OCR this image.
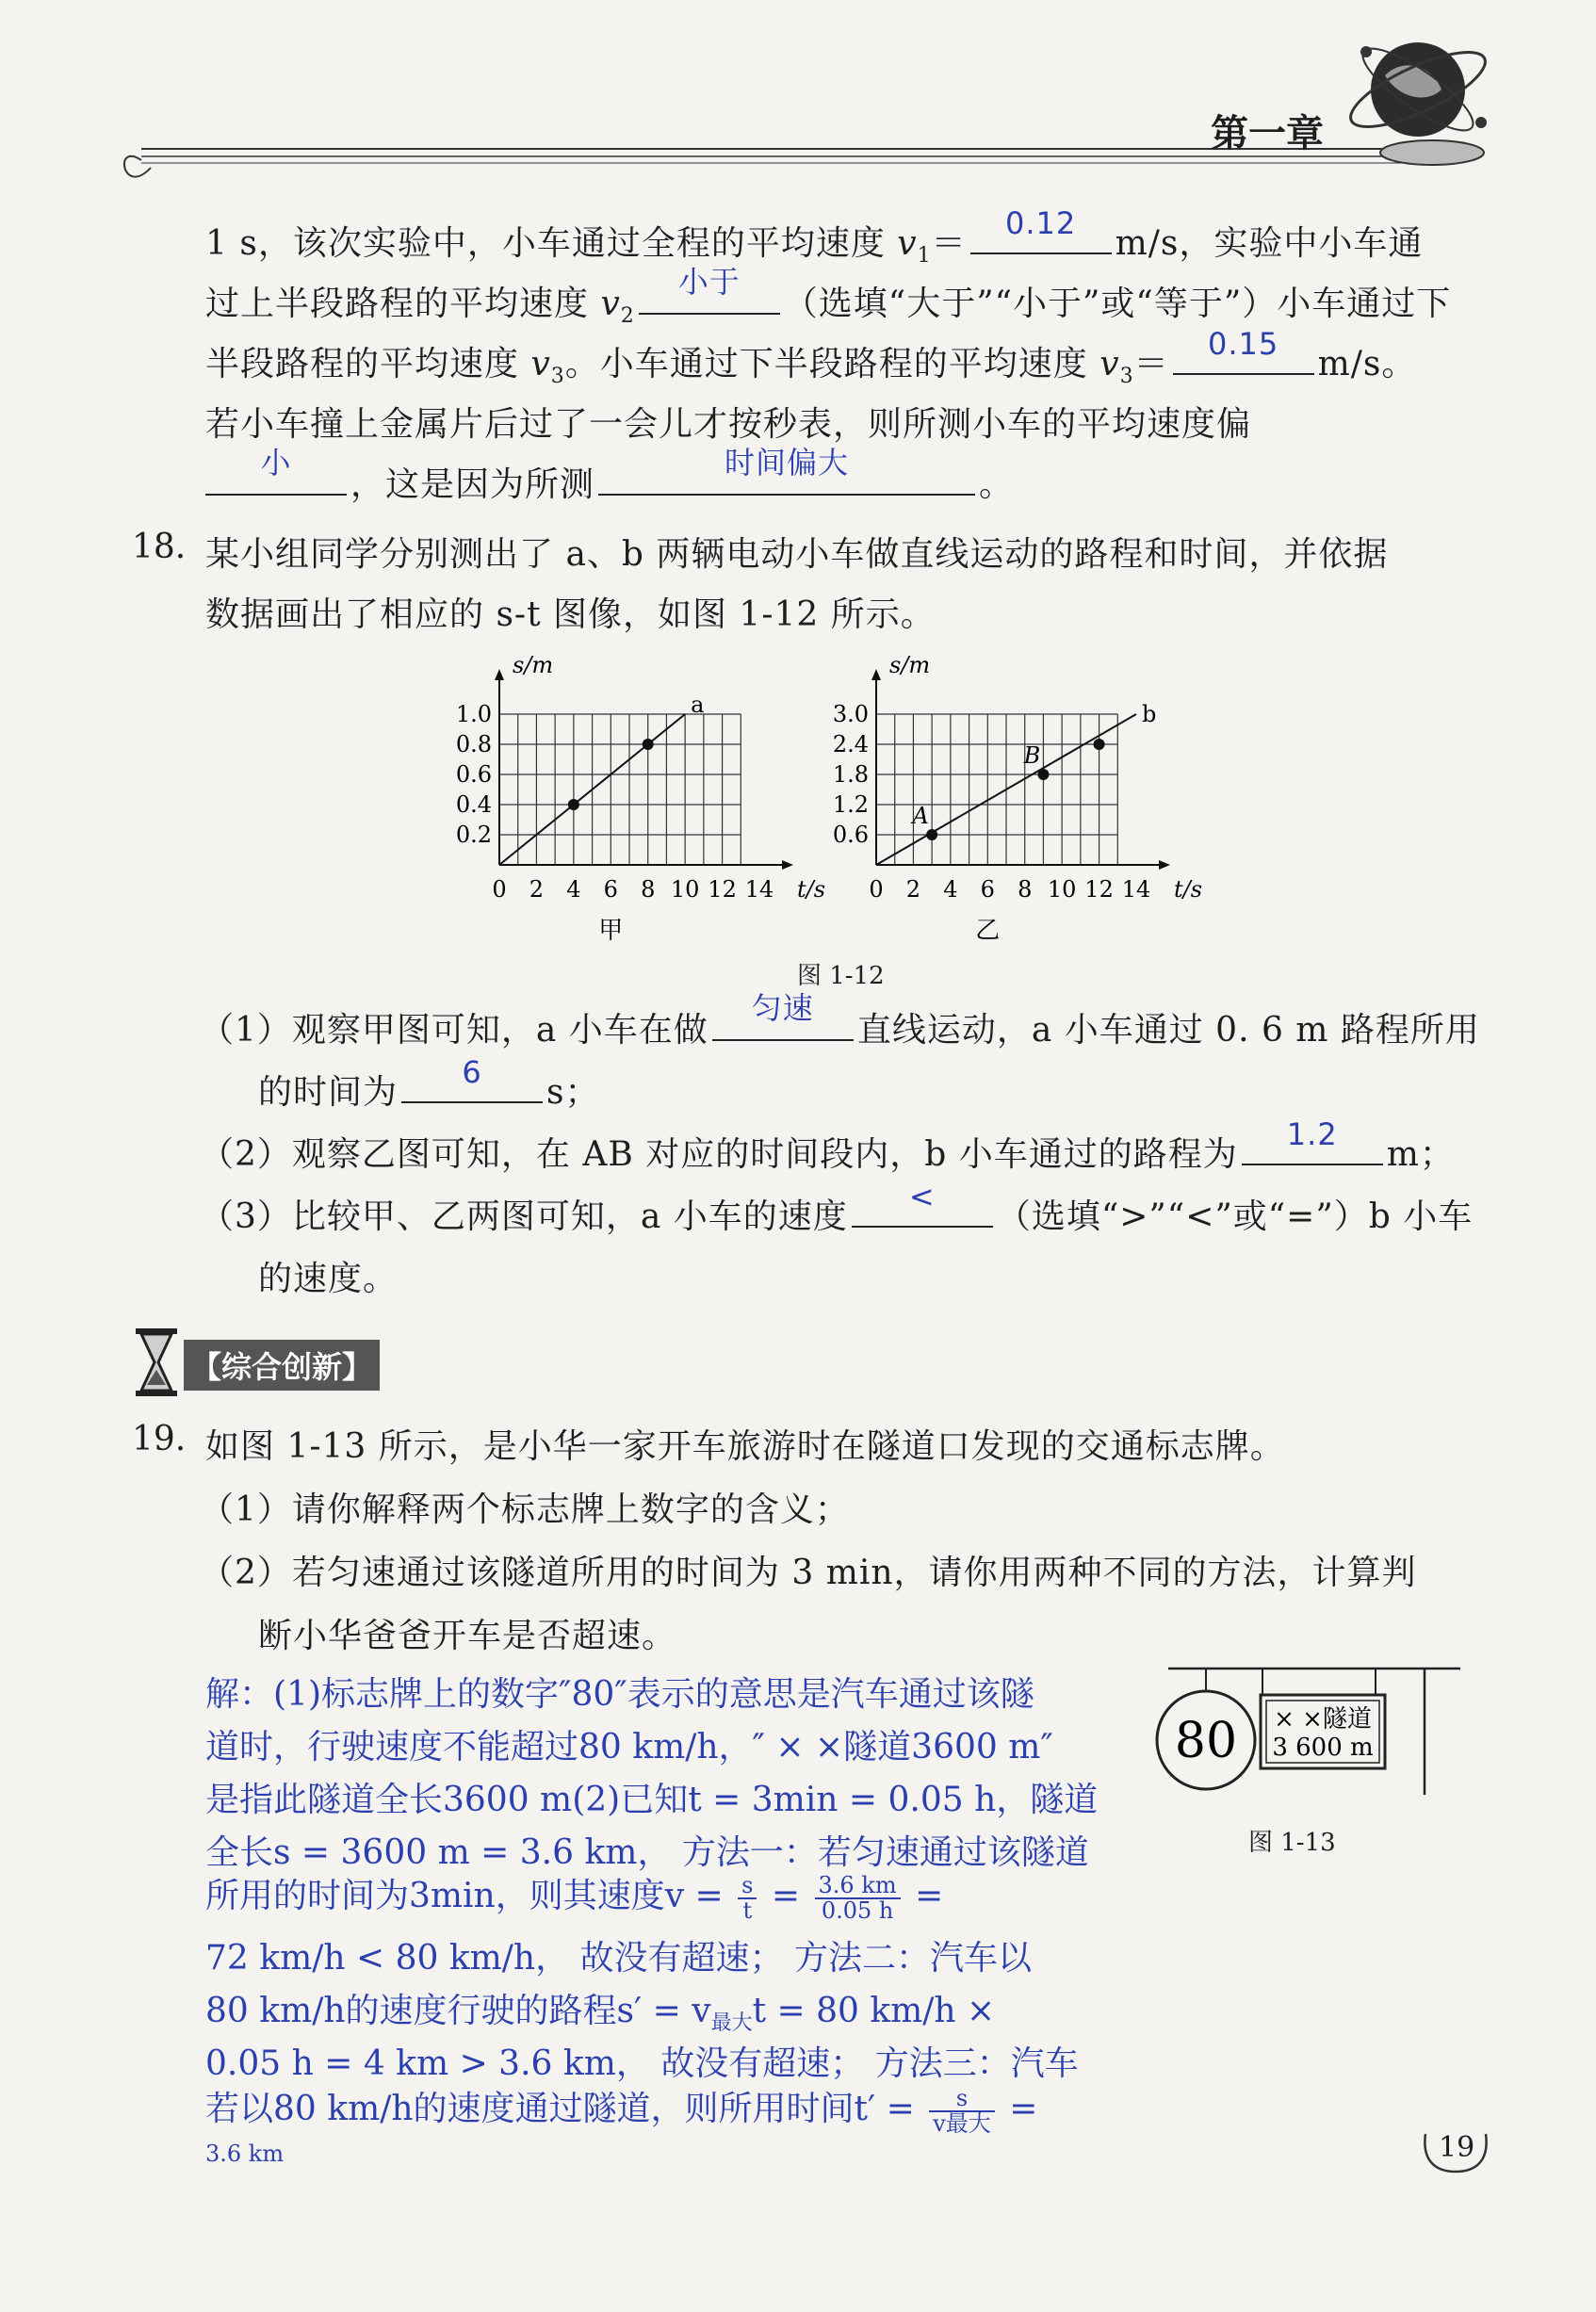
第一章
1 s，该次实验中，小车通过全程的平均速度 $v_1=$
0.12
m/s，实验中小车通
过上半段路程的平均速度 $v_2$
小于
（选填“大于”“小于”或“等于”）小车通过下
半段路程的平均速度 $v_3$。小车通过下半段路程的平均速度 $v_3=$
0.15
m/s。
若小车撞上金属片后过了一会儿才按秒表，则所测小车的平均速度偏
小
，这是因为所测
时间偏大
。
18. 某小组同学分别测出了 a、b 两辆电动小车做直线运动的路程和时间，并依据
数据画出了相应的 s-t 图像，如图 1-12 所示。
s/m
t/s
0 2 4 6 8 10 12 14
0.2
0.4
0.6
0.8
1.0	a
甲
s/m
t/s
0 2 4 6 8 10 12 14
0.6
1.2
1.8
2.4
3.0	b
A
B
乙
图 1-12
（1）观察甲图可知，a 小车在做
匀速
直线运动，a 小车通过 0. 6 m 路程所用
的时间为
6
s；
（2）观察乙图可知，在 AB 对应的时间段内，b 小车通过的路程为
1.2
m；
（3）比较甲、乙两图可知，a 小车的速度
<
（选填“>”“<”或“=”）b 小车
的速度。
【综合创新】
19. 如图 1-13 所示，是小华一家开车旅游时在隧道口发现的交通标志牌。
（1）请你解释两个标志牌上数字的含义；
（2）若匀速通过该隧道所用的时间为 3 min，请你用两种不同的方法，计算判
断小华爸爸开车是否超速。
80 × ×隧道
3 600 m
图 1-13
解：(1)标志牌上的数字″80″表示的意思是汽车通过该隧
道时，行驶速度不能超过80 km/h，″ × ×隧道3600 m″
是指此隧道全长3600 m(2)已知t = 3min = 0.05 h，隧道
全长s = 3600 m = 3.6 km， 方法一：若匀速通过该隧道
所用的时间为3min，则其速度$v = \frac{s}{t} = \frac{3.6 km}{0.05 h}$ =
72 km/h < 80 km/h， 故没有超速； 方法二：汽车以
80 km/h的速度行驶的路程$s' = v_{最大}t = 80$ km/h ×
0.05 h = 4 km > 3.6 km， 故没有超速； 方法三：汽车
若以80 km/h的速度通过隧道，则所用时间$t' = \frac{s}{\text{v最大}}$ =
3.6 km	19
